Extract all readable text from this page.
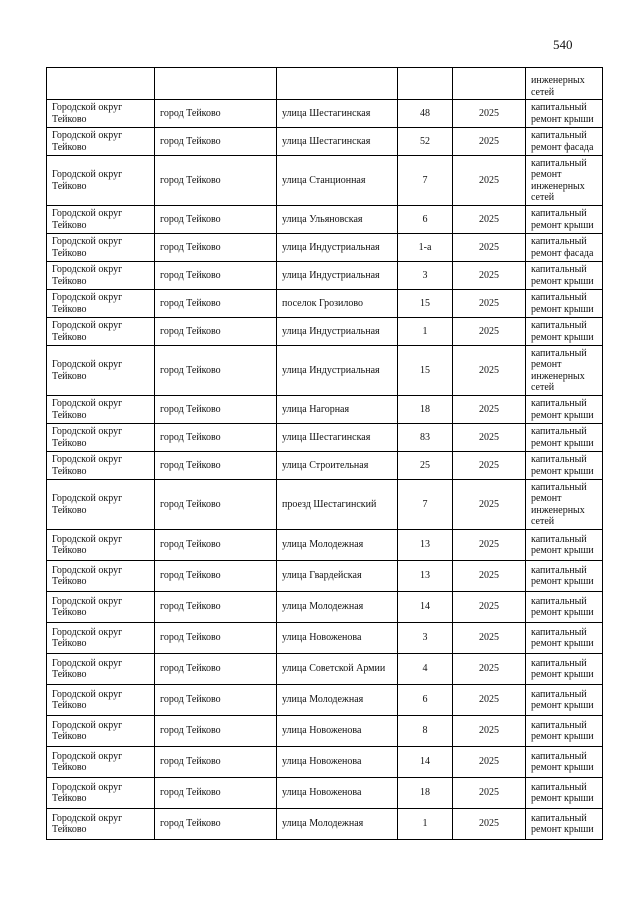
540
					инженерных сетей
Городской округ Тейково	город Тейково	улица Шестагинская	48	2025	капитальный ремонт крыши
Городской округ Тейково	город Тейково	улица Шестагинская	52	2025	капитальный ремонт фасада
Городской округ Тейково	город Тейково	улица Станционная	7	2025	капитальный ремонт инженерных сетей
Городской округ Тейково	город Тейково	улица Ульяновская	6	2025	капитальный ремонт крыши
Городской округ Тейково	город Тейково	улица Индустриальная	1-а	2025	капитальный ремонт фасада
Городской округ Тейково	город Тейково	улица Индустриальная	3	2025	капитальный ремонт крыши
Городской округ Тейково	город Тейково	поселок Грозилово	15	2025	капитальный ремонт крыши
Городской округ Тейково	город Тейково	улица Индустриальная	1	2025	капитальный ремонт крыши
Городской округ Тейково	город Тейково	улица Индустриальная	15	2025	капитальный ремонт инженерных сетей
Городской округ Тейково	город Тейково	улица Нагорная	18	2025	капитальный ремонт крыши
Городской округ Тейково	город Тейково	улица Шестагинская	83	2025	капитальный ремонт крыши
Городской округ Тейково	город Тейково	улица Строительная	25	2025	капитальный ремонт крыши
Городской округ Тейково	город Тейково	проезд Шестагинский	7	2025	капитальный ремонт инженерных сетей
Городской округ Тейково	город Тейково	улица Молодежная	13	2025	капитальный ремонт крыши
Городской округ Тейково	город Тейково	улица Гвардейская	13	2025	капитальный ремонт крыши
Городской округ Тейково	город Тейково	улица Молодежная	14	2025	капитальный ремонт крыши
Городской округ Тейково	город Тейково	улица Новоженова	3	2025	капитальный ремонт крыши
Городской округ Тейково	город Тейково	улица Советской Армии	4	2025	капитальный ремонт крыши
Городской округ Тейково	город Тейково	улица Молодежная	6	2025	капитальный ремонт крыши
Городской округ Тейково	город Тейково	улица Новоженова	8	2025	капитальный ремонт крыши
Городской округ Тейково	город Тейково	улица Новоженова	14	2025	капитальный ремонт крыши
Городской округ Тейково	город Тейково	улица Новоженова	18	2025	капитальный ремонт крыши
Городской округ Тейково	город Тейково	улица Молодежная	1	2025	капитальный ремонт крыши
